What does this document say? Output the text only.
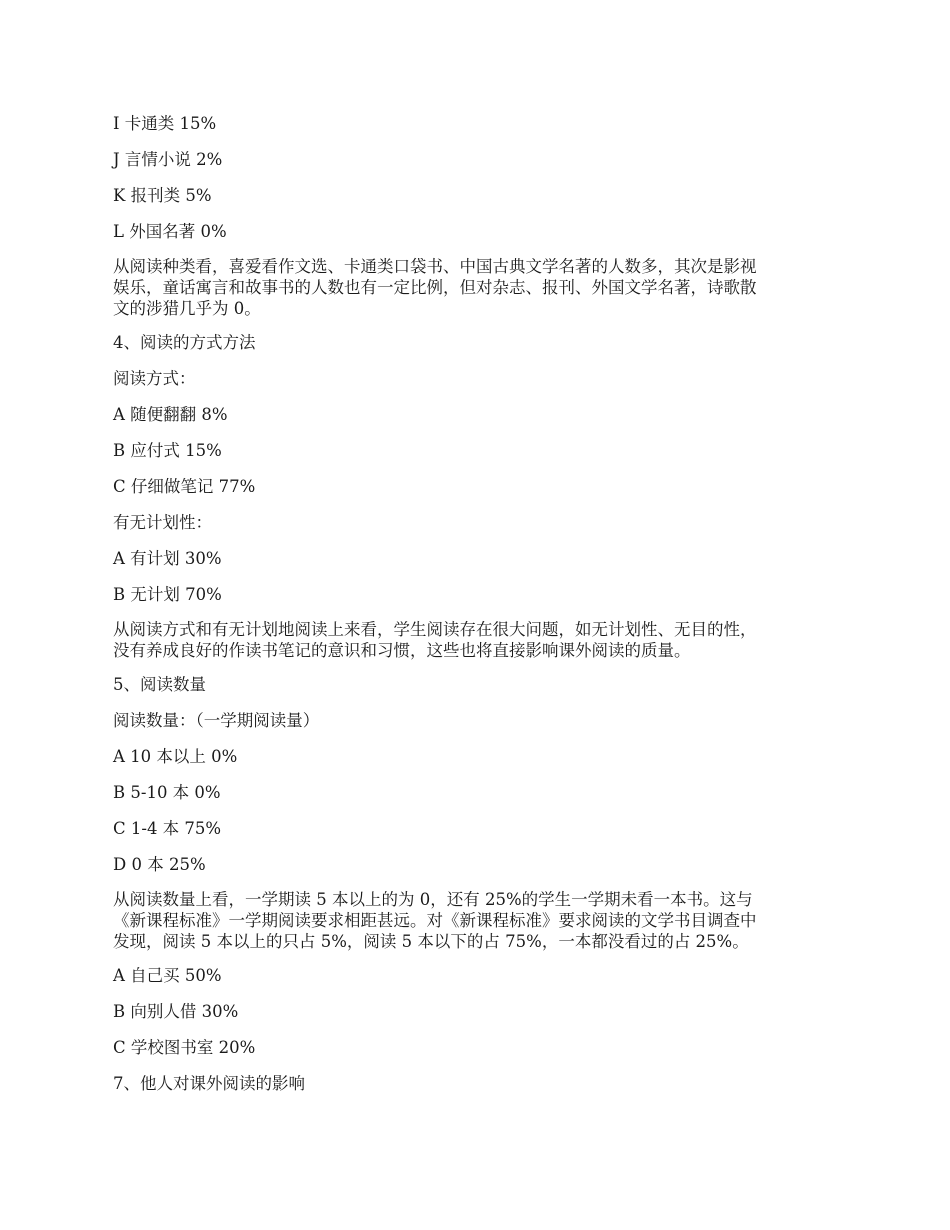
I 卡通类 15%
J 言情小说 2%
K 报刊类 5%
L 外国名著 0%
从阅读种类看，喜爱看作文选、卡通类口袋书、中国古典文学名著的人数多，其次是影视
娱乐，童话寓言和故事书的人数也有一定比例，但对杂志、报刊、外国文学名著，诗歌散
文的涉猎几乎为 0。
4、阅读的方式方法
阅读方式：
A 随便翻翻 8%
B 应付式 15%
C 仔细做笔记 77%
有无计划性：
A 有计划 30%
B 无计划 70%
从阅读方式和有无计划地阅读上来看，学生阅读存在很大问题，如无计划性、无目的性，
没有养成良好的作读书笔记的意识和习惯，这些也将直接影响课外阅读的质量。
5、阅读数量
阅读数量：（一学期阅读量）
A 10 本以上 0%
B 5-10 本 0%
C 1-4 本 75%
D 0 本 25%
从阅读数量上看，一学期读 5 本以上的为 0，还有 25%的学生一学期未看一本书。这与
《新课程标准》一学期阅读要求相距甚远。对《新课程标准》要求阅读的文学书目调查中
发现，阅读 5 本以上的只占 5%，阅读 5 本以下的占 75%，一本都没看过的占 25%。
A 自己买 50%
B 向别人借 30%
C 学校图书室 20%
7、他人对课外阅读的影响
